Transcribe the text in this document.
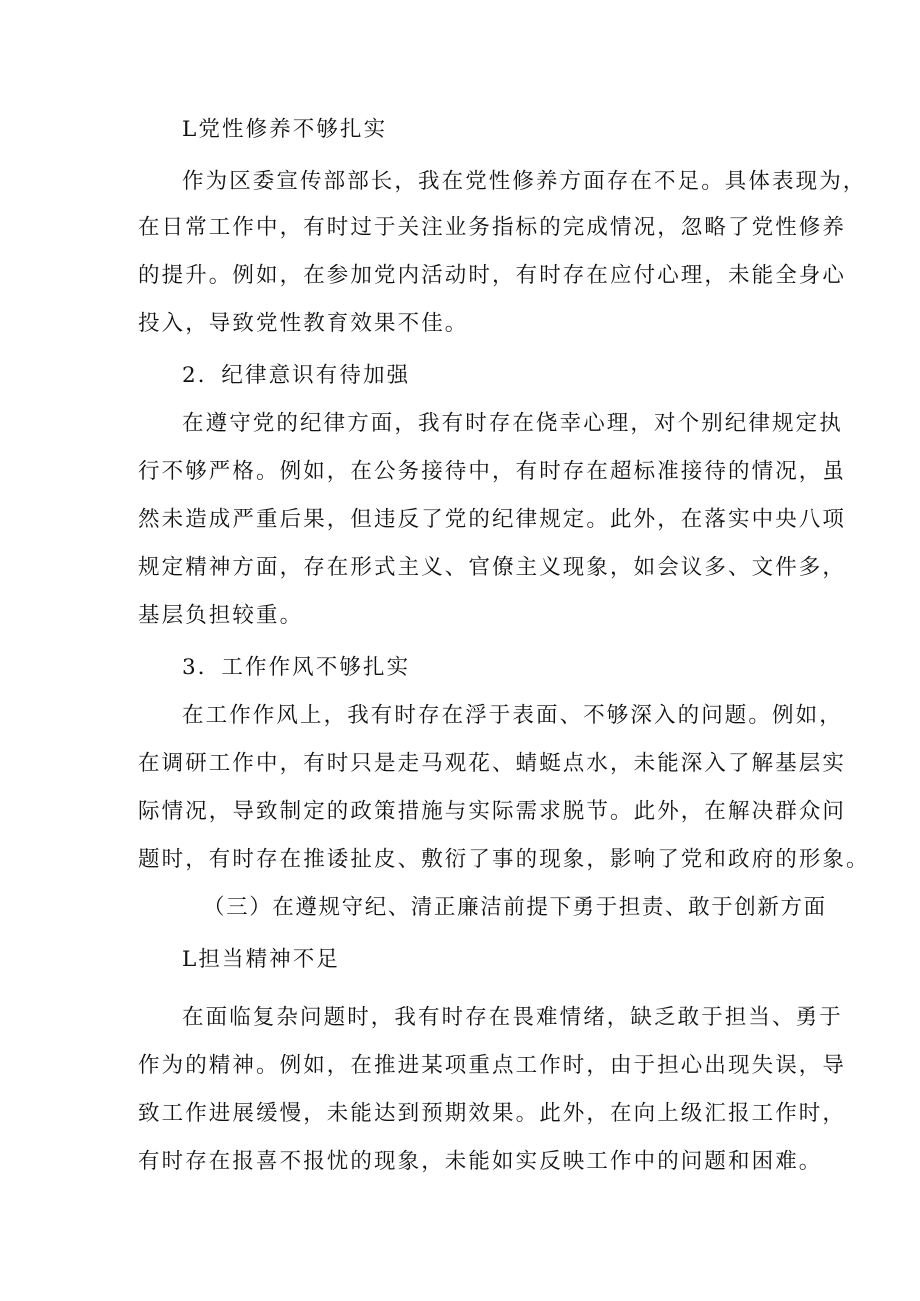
L党性修养不够扎实
作为区委宣传部部长，我在党性修养方面存在不足。具体表现为，
在日常工作中，有时过于关注业务指标的完成情况，忽略了党性修养
的提升。例如，在参加党内活动时，有时存在应付心理，未能全身心
投入，导致党性教育效果不佳。
2．纪律意识有待加强
在遵守党的纪律方面，我有时存在侥幸心理，对个别纪律规定执
行不够严格。例如，在公务接待中，有时存在超标准接待的情况，虽
然未造成严重后果，但违反了党的纪律规定。此外，在落实中央八项
规定精神方面，存在形式主义、官僚主义现象，如会议多、文件多，
基层负担较重。
3．工作作风不够扎实
在工作作风上，我有时存在浮于表面、不够深入的问题。例如，
在调研工作中，有时只是走马观花、蜻蜓点水，未能深入了解基层实
际情况，导致制定的政策措施与实际需求脱节。此外，在解决群众问
题时，有时存在推诿扯皮、敷衍了事的现象，影响了党和政府的形象。
（三）在遵规守纪、清正廉洁前提下勇于担责、敢于创新方面
L担当精神不足
在面临复杂问题时，我有时存在畏难情绪，缺乏敢于担当、勇于
作为的精神。例如，在推进某项重点工作时，由于担心出现失误，导
致工作进展缓慢，未能达到预期效果。此外，在向上级汇报工作时，
有时存在报喜不报忧的现象，未能如实反映工作中的问题和困难。
